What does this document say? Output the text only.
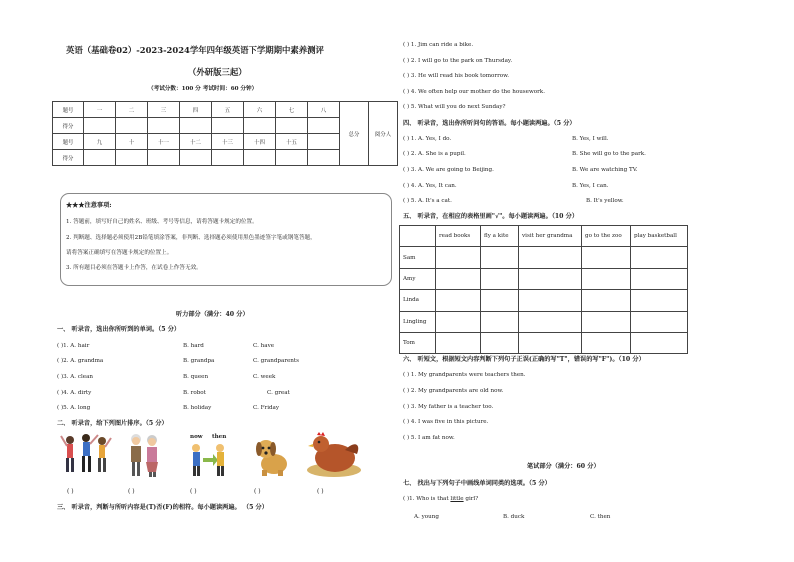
英语（基础卷02）-2023-2024学年四年级英语下学期期中素养测评
（外研版三起）
（考试分数：100 分 考试时间：60 分钟）
题号	一	二	三	四	五	六	七	八	总分	阅分人
得分										
题号	九	十	十一	十二	十三	十四	十五			
得分										
★★★注意事项:
1. 答题前，填写好自己的姓名、班级、考号等信息，请将答题卡规定的位置。
2. 判断题、选择题必须使用2B铅笔填涂答案，非判断、选择题必须使用黑色墨迹签字笔或钢笔答题，
请将答案正确填写在答题卡规定的位置上。
3. 所有题目必须在答题卡上作答，在试卷上作答无效。
听力部分（满分：40 分）
一、 听录音，选出你所听到的单词。（5 分）
( )1. A. hair	B. hard	C. have
( )2. A. grandma	B. grandpa	C. grandparents
( )3. A. clean	B. queen	C. week
( )4. A. dirty	B. robot	C. great
( )5. A. long	B. holiday	C. Friday
二、 听录音，给下列图片排序。（5 分）
now then
( )	( )	( )	( )	( )
三、 听录音，判断与所听内容是(T)否(F)的相符。每小题读两遍。 （5 分）
( ) 1. Jim can ride a bike.
( ) 2. I will go to the park on Thursday.
( ) 3. He will read his book tomorrow.
( ) 4. We often help our mother do the housework.
( ) 5. What will you do next Sunday?
四、 听录音，选出你所听问句的答语。每小题读两遍。（5 分）
( ) 1. A. Yes, I do.	B. Yes, I will.
( ) 2. A. She is a pupil.	B. She will go to the park.
( ) 3. A. We are going to Beijing.	B. We are watching TV.
( ) 4. A. Yes, It can.	B. Yes, I can.
( ) 5. A. It's a cat.	B. It's yellow.
五、 听录音，在相应的表格里画"√"。每小题读两遍。（10 分）
	read books	fly a kite	visit her grandma	go to the zoo	play basketball
Sam					
Amy					
Linda					
Lingling					
Tom					
六、 听短文，根据短文内容判断下列句子正误(正确的写"T"，错误的写"F")。（10 分）
( ) 1. My grandparents were teachers then.
( ) 2. My grandparents are old now.
( ) 3. My father is a teacher too.
( ) 4. I was five in this picture.
( ) 5. I am fat now.
笔试部分（满分：60 分）
七、 找出与下列句子中画线单词同类的选项。（5 分）
( )1. Who is that little girl?
A. young	B. duck	C. then
